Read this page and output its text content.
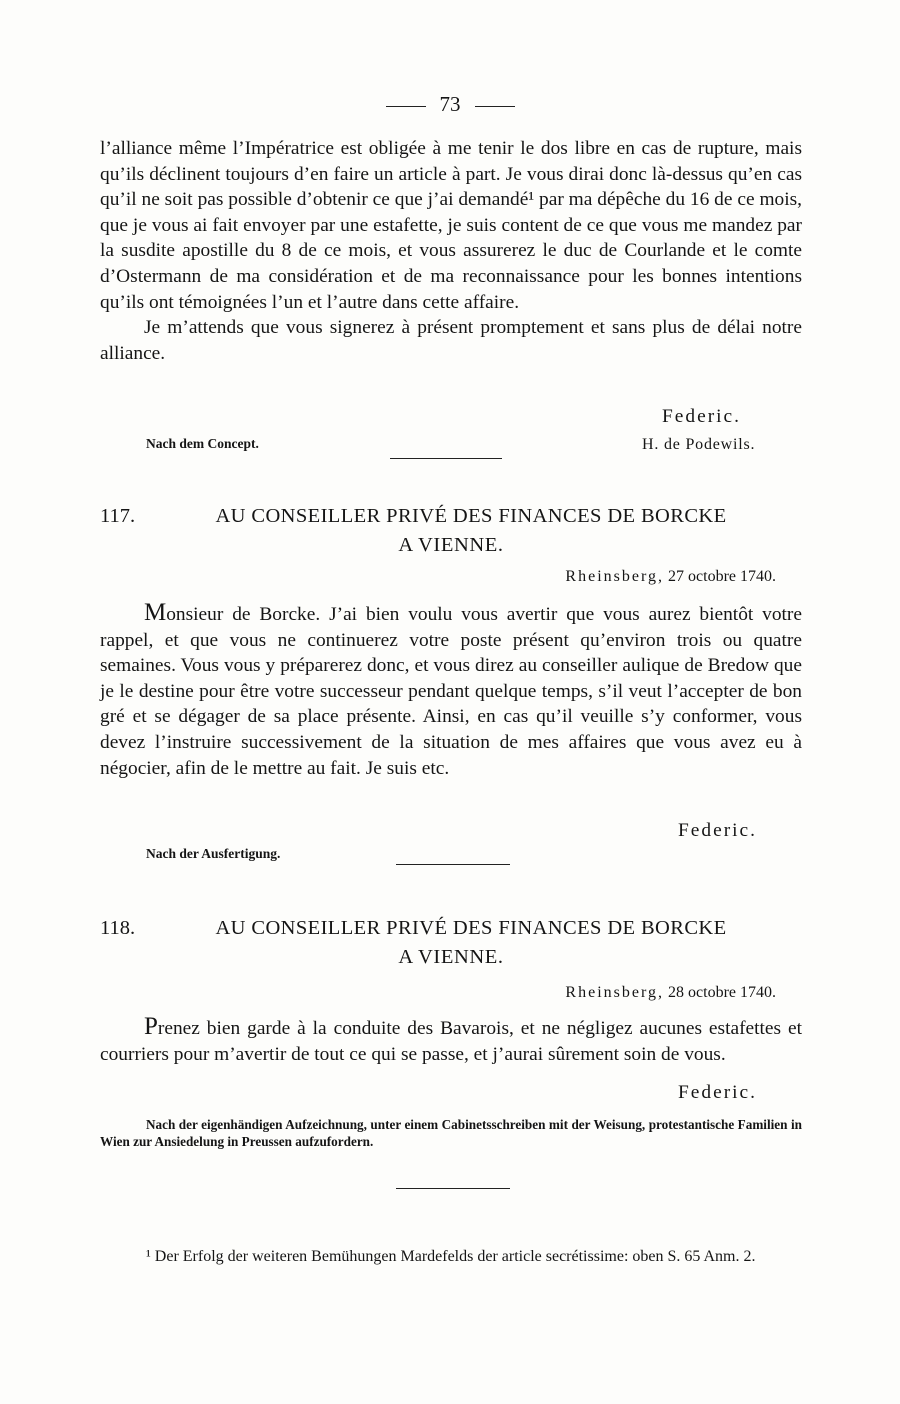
73

l’alliance même l’Impératrice est obligée à me tenir le dos libre en cas de rupture, mais qu’ils déclinent toujours d’en faire un article à part. Je vous dirai donc là-dessus qu’en cas qu’il ne soit pas possible d’obtenir ce que j’ai demandé¹ par ma dépêche du 16 de ce mois, que je vous ai fait envoyer par une estafette, je suis content de ce que vous me mandez par la susdite apostille du 8 de ce mois, et vous assurerez le duc de Courlande et le comte d’Ostermann de ma considération et de ma reconnaissance pour les bonnes intentions qu’ils ont témoignées l’un et l’autre dans cette affaire.

Je m’attends que vous signerez à présent promptement et sans plus de délai notre alliance.

Federic.
Nach dem Concept.	H. de Podewils.
117.	AU CONSEILLER PRIVÉ DES FINANCES DE BORCKE
A VIENNE.
Rheinsberg, 27 octobre 1740.

Monsieur de Borcke. J’ai bien voulu vous avertir que vous aurez bientôt votre rappel, et que vous ne continuerez votre poste présent qu’environ trois ou quatre semaines. Vous vous y préparerez donc, et vous direz au conseiller aulique de Bredow que je le destine pour être votre successeur pendant quelque temps, s’il veut l’accepter de bon gré et se dégager de sa place présente. Ainsi, en cas qu’il veuille s’y conformer, vous devez l’instruire successivement de la situation de mes affaires que vous avez eu à négocier, afin de le mettre au fait. Je suis etc.

Federic.
Nach der Ausfertigung.
118.	AU CONSEILLER PRIVÉ DES FINANCES DE BORCKE
A VIENNE.
Rheinsberg, 28 octobre 1740.

Prenez bien garde à la conduite des Bavarois, et ne négligez aucunes estafettes et courriers pour m’avertir de tout ce qui se passe, et j’aurai sûrement soin de vous.

Federic.
Nach der eigenhändigen Aufzeichnung, unter einem Cabinetsschreiben mit der Weisung, protestantische Familien in Wien zur Ansiedelung in Preussen aufzufordern.
¹ Der Erfolg der weiteren Bemühungen Mardefelds der article secrétissime: oben S. 65 Anm. 2.
